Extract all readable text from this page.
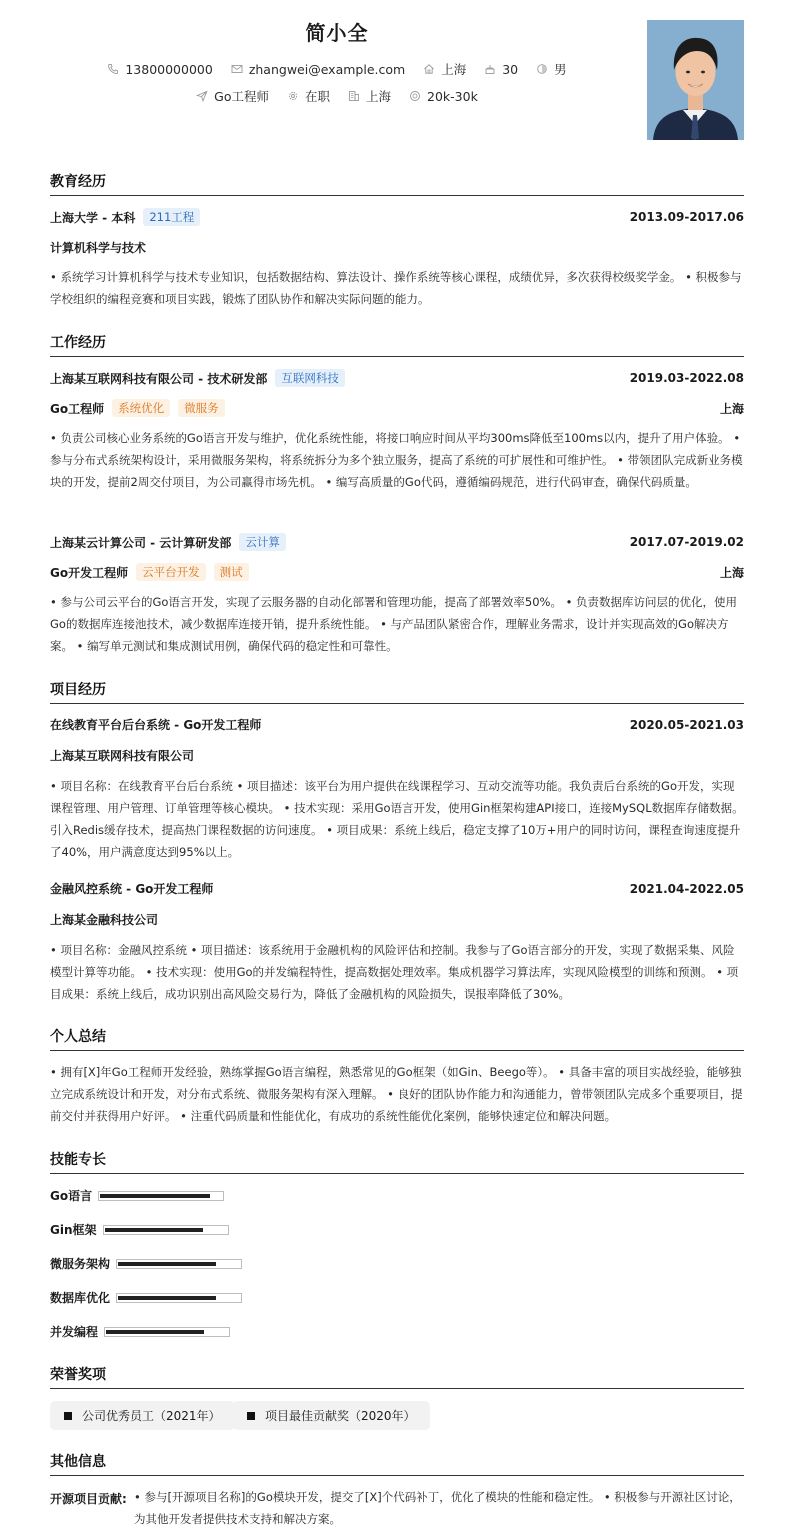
简小全
13800000000	zhangwei@example.com	上海	30	男
Go工程师	在职	上海	20k-30k
教育经历
上海大学 - 本科	211工程	2013.09-2017.06
计算机科学与技术
• 系统学习计算机科学与技术专业知识，包括数据结构、算法设计、操作系统等核心课程，成绩优异，多次获得校级奖学金。 • 积极参与学校组织的编程竞赛和项目实践，锻炼了团队协作和解决实际问题的能力。
工作经历
上海某互联网科技有限公司 - 技术研发部	互联网科技	2019.03-2022.08
Go工程师	系统优化	微服务	上海
• 负责公司核心业务系统的Go语言开发与维护，优化系统性能，将接口响应时间从平均300ms降低至100ms以内，提升了用户体验。 • 参与分布式系统架构设计，采用微服务架构，将系统拆分为多个独立服务，提高了系统的可扩展性和可维护性。 • 带领团队完成新业务模块的开发，提前2周交付项目，为公司赢得市场先机。 • 编写高质量的Go代码，遵循编码规范，进行代码审查，确保代码质量。
上海某云计算公司 - 云计算研发部	云计算	2017.07-2019.02
Go开发工程师	云平台开发	测试	上海
• 参与公司云平台的Go语言开发，实现了云服务器的自动化部署和管理功能，提高了部署效率50%。 • 负责数据库访问层的优化，使用Go的数据库连接池技术，减少数据库连接开销，提升系统性能。 • 与产品团队紧密合作，理解业务需求，设计并实现高效的Go解决方案。 • 编写单元测试和集成测试用例，确保代码的稳定性和可靠性。
项目经历
在线教育平台后台系统 - Go开发工程师	2020.05-2021.03
上海某互联网科技有限公司
• 项目名称：在线教育平台后台系统 • 项目描述：该平台为用户提供在线课程学习、互动交流等功能。我负责后台系统的Go开发，实现课程管理、用户管理、订单管理等核心模块。 • 技术实现：采用Go语言开发，使用Gin框架构建API接口，连接MySQL数据库存储数据。引入Redis缓存技术，提高热门课程数据的访问速度。 • 项目成果：系统上线后，稳定支撑了10万+用户的同时访问，课程查询速度提升了40%，用户满意度达到95%以上。
金融风控系统 - Go开发工程师	2021.04-2022.05
上海某金融科技公司
• 项目名称：金融风控系统 • 项目描述：该系统用于金融机构的风险评估和控制。我参与了Go语言部分的开发，实现了数据采集、风险模型计算等功能。 • 技术实现：使用Go的并发编程特性，提高数据处理效率。集成机器学习算法库，实现风险模型的训练和预测。 • 项目成果：系统上线后，成功识别出高风险交易行为，降低了金融机构的风险损失，误报率降低了30%。
个人总结
• 拥有[X]年Go工程师开发经验，熟练掌握Go语言编程，熟悉常见的Go框架（如Gin、Beego等）。 • 具备丰富的项目实战经验，能够独立完成系统设计和开发，对分布式系统、微服务架构有深入理解。 • 良好的团队协作能力和沟通能力，曾带领团队完成多个重要项目，提前交付并获得用户好评。 • 注重代码质量和性能优化，有成功的系统性能优化案例，能够快速定位和解决问题。
技能专长
Go语言
Gin框架
微服务架构
数据库优化
并发编程
荣誉奖项
公司优秀员工（2021年）	项目最佳贡献奖（2020年）
其他信息
开源项目贡献: • 参与[开源项目名称]的Go模块开发，提交了[X]个代码补丁，优化了模块的性能和稳定性。 • 积极参与开源社区讨论，为其他开发者提供技术支持和解决方案。
